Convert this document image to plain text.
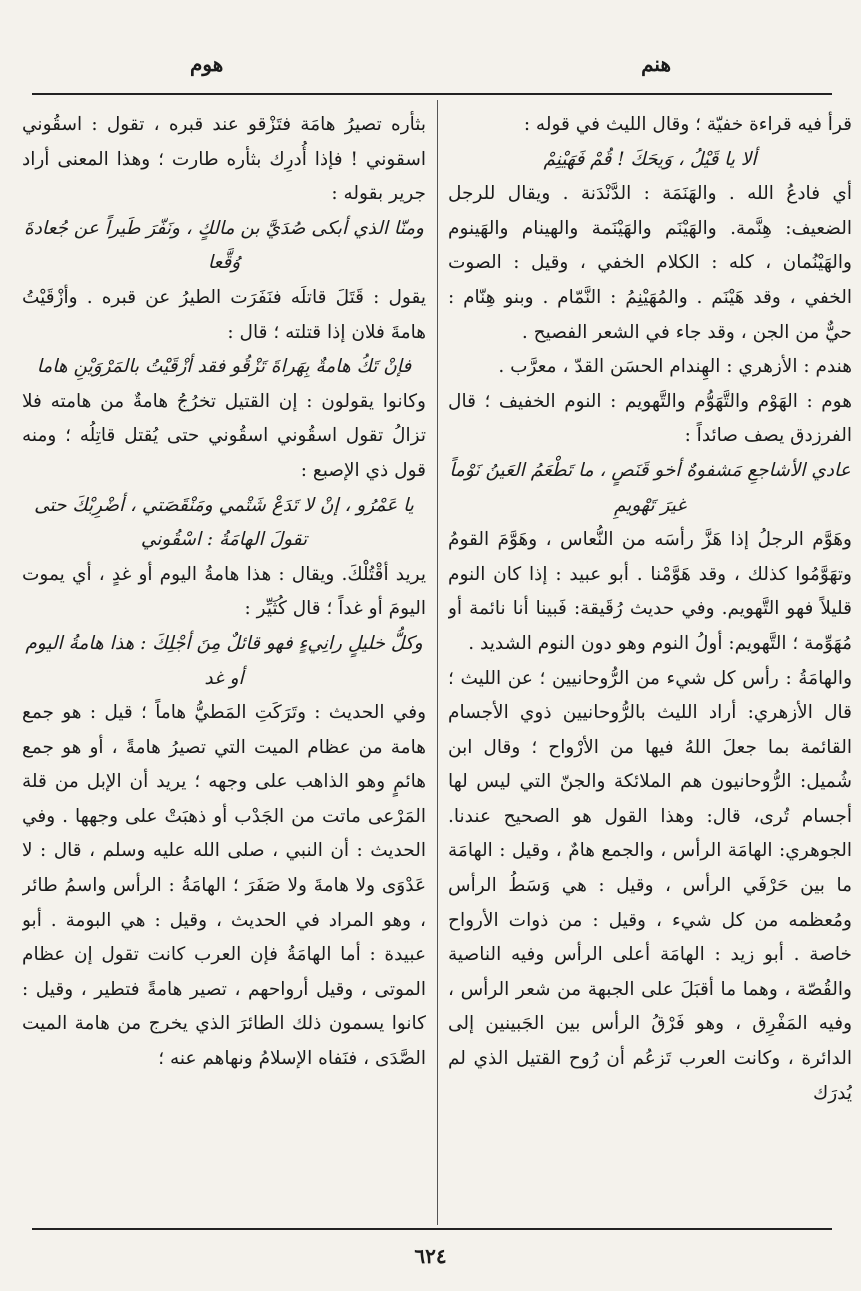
هنم
هوم

قرأ فيه قراءة خفيّة ؛ وقال الليث في قوله :

ألا يا قَيْلُ ، وَيحَكَ ! قُمْ فَهَيْنِمْ

أي فادعُ الله . والهَنَمَة : الدَّنْدَنة . ويقال للرجل الضعيف: هِنَّمة. والهَيْنَم والهَيْنَمة والهينام والهَينوم والهَيْنُمان ، كله : الكلام الخفي ، وقيل : الصوت الخفي ، وقد هَيْنَم . والمُهَيْنِمُ : النَّمّام . وبنو هِنّام : حيٌّ من الجن ، وقد جاء في الشعر الفصيح .

هندم : الأزهري : الهِندام الحسَن القدّ ، معرَّب .

هوم : الهَوْم والتَّهَوُّم والتَّهويم : النوم الخفيف ؛ قال الفرزدق يصف صائداً :

عادي الأشاجعِ مَشفوهٌ أخو قَنَصٍ ، ما تَطْعَمُ العَينُ نَوْماً غيرَ تَهْويمِ

وهَوَّم الرجلُ إذا هَزَّ رأسَه من النُّعاس ، وهَوَّمَ القومُ وتهَوَّمُوا كذلك ، وقد هَوَّمْنا . أبو عبيد : إذا كان النوم قليلاً فهو التَّهويم. وفي حديث رُقَيقة: فَبينا أنا نائمة أو مُهَوِّمة ؛ التَّهويم: أولُ النوم وهو دون النوم الشديد .

والهامَةُ : رأس كل شيء من الرُّوحانيين ؛ عن الليث ؛ قال الأزهري: أراد الليث بالرُّوحانيين ذوي الأجسام القائمة بما جعلَ اللهُ فيها من الأرْواح ؛ وقال ابن شُميل: الرُّوحانيون هم الملائكة والجنّ التي ليس لها أجسام تُرى، قال: وهذا القول هو الصحيح عندنا. الجوهري: الهامَة الرأس ، والجمع هامٌ ، وقيل : الهامَة ما بين حَرْفَي الرأس ، وقيل : هي وَسَطُ الرأس ومُعظمه من كل شيء ، وقيل : من ذوات الأرواح خاصة . أبو زيد : الهامَة أعلى الرأس وفيه الناصية والقُصّة ، وهما ما أقبَلَ على الجبهة من شعر الرأس ، وفيه المَفْرِق ، وهو فَرْقُ الرأس بين الجَبينين إلى الدائرة ، وكانت العرب تَزعُم أن رُوح القتيل الذي لم يُدرَك

بثأره تصيرُ هامَة فتَزْقو عند قبره ، تقول : اسقُوني اسقوني ! فإذا أُدرِك بثأره طارت ؛ وهذا المعنى أراد جرير بقوله :

ومنّا الذي أبكى صُدَيَّ بن مالكٍ ، ونَفّرَ طَيراً عن جُعادةَ وُقَّعا

يقول : قَتَلَ قاتلَه فنَفَرَت الطيرُ عن قبره . وأزْقَيْتُ هامةَ فلان إذا قتلته ؛ قال :

فإنْ تَكُ هامةٌ بِهَراةَ تَزْقُو فقد أزْقَيْتُ بالمَرْوَيْنِ هاما

وكانوا يقولون : إن القتيل تخرُجُ هامةٌ من هامته فلا تزالُ تقول اسقُوني اسقُوني حتى يُقتل قاتِلُه ؛ ومنه قول ذي الإصبع :

يا عَمْرُو ، إنْ لا تَدَعْ شَتْمي ومَنْقَصَتي ، أضْرِبْكَ حتى تقولَ الهامَةُ : اسْقُوني

يريد أقْتُلْكَ. ويقال : هذا هامةُ اليوم أو غدٍ ، أي يموت اليومَ أو غداً ؛ قال كُثَيِّر :

وكلُّ خليلٍ رانِيءٍ فهو قائلٌ مِنَ أجْلِكَ : هذا هامةُ اليوم أو غد

وفي الحديث : وتَرَكَتِ المَطيُّ هاماً ؛ قيل : هو جمع هامة من عظام الميت التي تصيرُ هامةً ، أو هو جمع هائمٍ وهو الذاهب على وجهه ؛ يريد أن الإبل من قلة المَرْعى ماتت من الجَدْب أو ذهبَتْ على وجهها . وفي الحديث : أن النبي ، صلى الله عليه وسلم ، قال : لا عَدْوَى ولا هامةَ ولا صَفَرَ ؛ الهامَةُ : الرأس واسمُ طائر ، وهو المراد في الحديث ، وقيل : هي البومة . أبو عبيدة : أما الهامَةُ فإن العرب كانت تقول إن عظام الموتى ، وقيل أرواحهم ، تصير هامةً فتطير ، وقيل : كانوا يسمون ذلك الطائرَ الذي يخرج من هامة الميت الصَّدَى ، فنَفاه الإسلامُ ونهاهم عنه ؛

٦٢٤
